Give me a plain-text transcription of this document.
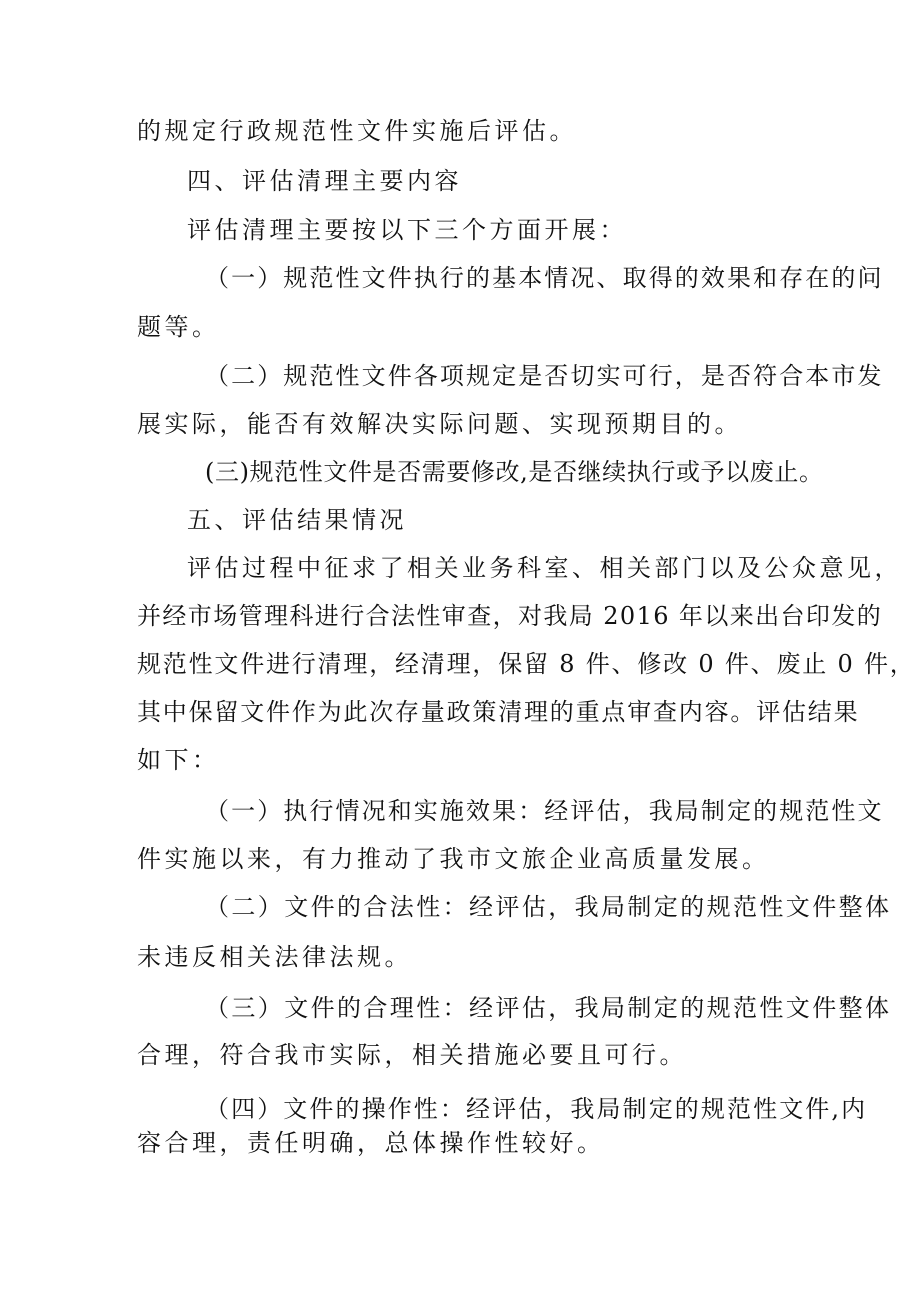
的规定行政规范性文件实施后评估。
四、评估清理主要内容
评估清理主要按以下三个方面开展：
（一）规范性文件执行的基本情况、取得的效果和存在的问
题等。
（二）规范性文件各项规定是否切实可行，是否符合本市发
展实际，能否有效解决实际问题、实现预期目的。
(三)规范性文件是否需要修改,是否继续执行或予以废止。
五、评估结果情况
评估过程中征求了相关业务科室、相关部门以及公众意见，
并经市场管理科进行合法性审查，对我局 2016 年以来出台印发的
规范性文件进行清理，经清理，保留 8 件、修改 0 件、废止 0 件，
其中保留文件作为此次存量政策清理的重点审查内容。评估结果
如下：
（一）执行情况和实施效果：经评估，我局制定的规范性文
件实施以来，有力推动了我市文旅企业高质量发展。
（二）文件的合法性：经评估，我局制定的规范性文件整体
未违反相关法律法规。
（三）文件的合理性：经评估，我局制定的规范性文件整体
合理，符合我市实际，相关措施必要且可行。
（四）文件的操作性：经评估，我局制定的规范性文件,内
容合理，责任明确，总体操作性较好。
